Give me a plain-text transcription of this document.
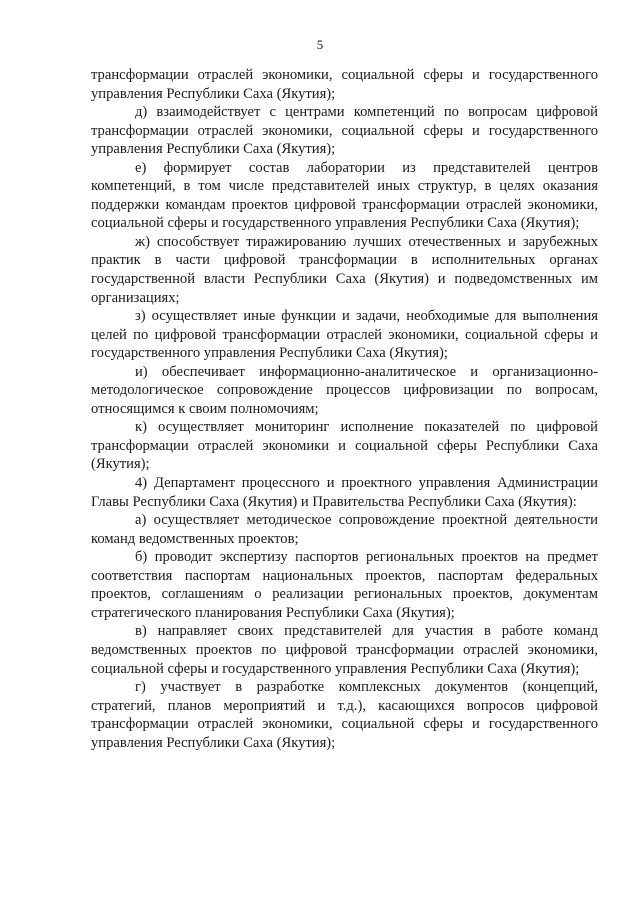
5

трансформации отраслей экономики, социальной сферы и государственного управления Республики Саха (Якутия);

д) взаимодействует с центрами компетенций по вопросам цифровой трансформации отраслей экономики, социальной сферы и государственного управления Республики Саха (Якутия);

е) формирует состав лаборатории из представителей центров компетенций, в том числе представителей иных структур, в целях оказания поддержки командам проектов цифровой трансформации отраслей экономики, социальной сферы и государственного управления Республики Саха (Якутия);

ж) способствует тиражированию лучших отечественных и зарубежных практик в части цифровой трансформации в исполнительных органах государственной власти Республики Саха (Якутия) и подведомственных им организациях;

з) осуществляет иные функции и задачи, необходимые для выполнения целей по цифровой трансформации отраслей экономики, социальной сферы и государственного управления Республики Саха (Якутия);

и) обеспечивает информационно-аналитическое и организационно-методологическое сопровождение процессов цифровизации по вопросам, относящимся к своим полномочиям;

к) осуществляет мониторинг исполнение показателей по цифровой трансформации отраслей экономики и социальной сферы Республики Саха (Якутия);

4) Департамент процессного и проектного управления Администрации Главы Республики Саха (Якутия) и Правительства Республики Саха (Якутия):

а) осуществляет методическое сопровождение проектной деятельности команд ведомственных проектов;

б) проводит экспертизу паспортов региональных проектов на предмет соответствия паспортам национальных проектов, паспортам федеральных проектов, соглашениям о реализации региональных проектов, документам стратегического планирования Республики Саха (Якутия);

в) направляет своих представителей для участия в работе команд ведомственных проектов по цифровой трансформации отраслей экономики, социальной сферы и государственного управления Республики Саха (Якутия);

г) участвует в разработке комплексных документов (концепций, стратегий, планов мероприятий и т.д.), касающихся вопросов цифровой трансформации отраслей экономики, социальной сферы и государственного управления Республики Саха (Якутия);
